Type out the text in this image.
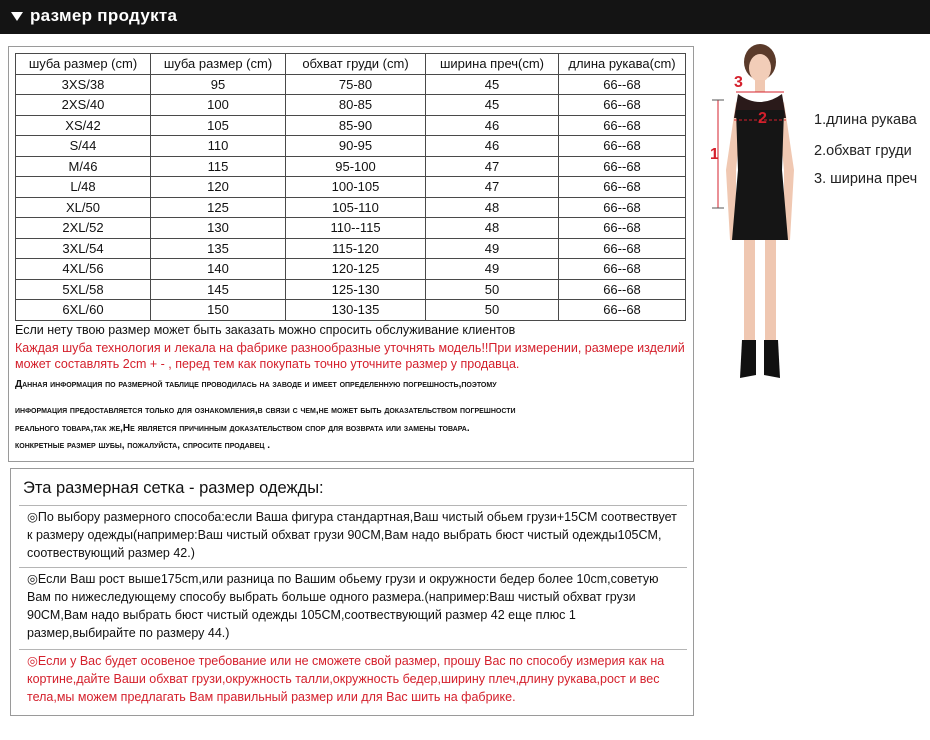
размер продукта
шуба размер (cm)	шуба размер (cm)	обхват груди (cm)	ширина преч(cm)	длина рукава(cm)
3XS/38	95	75-80	45	66--68
2XS/40	100	80-85	45	66--68
XS/42	105	85-90	46	66--68
S/44	110	90-95	46	66--68
M/46	115	95-100	47	66--68
L/48	120	100-105	47	66--68
XL/50	125	105-110	48	66--68
2XL/52	130	110--115	48	66--68
3XL/54	135	115-120	49	66--68
4XL/56	140	120-125	49	66--68
5XL/58	145	125-130	50	66--68
6XL/60	150	130-135	50	66--68
Если нету твою размер может быть заказать можно спросить обслуживание клиентов
Каждая шуба технология и лекала на фабрике разнообразные уточнять модель!!При измерении, размере изделий может составлять 2cm + - , перед тем как покупать точно уточните размер у продавца.
Данная информация по размерной таблице проводилась на заводе и имеет определенную погрешность,поэтому
информация предоставляется только для ознакомления,в связи с чем,не может быть доказательством погрешности
реального товара,так же,Не является причинным доказательством спор для возврата или замены товара.
конкретные размер шубы, пожалуйста, спросите продавец .
3
2
1
1.длина рукава
2.обхват груди
3. ширина преч
Эта размерная сетка - размер одежды:
◎По выбору размерного способа:если Ваша фигура стандартная,Ваш чистый обьем грузи+15CM соотвествует к размеру одежды(например:Ваш чистый обхват грузи 90CM,Вам надо выбрать бюст чистый одежды105CM, соотвествующий размер 42.)
◎Если Ваш рост выше175cm,или разница по Вашим обьему грузи и окружности бедер более 10cm,советую Вам по нижеследующему способу выбрать больше одного размера.(например:Ваш чистый обхват грузи 90CM,Вам надо выбрать бюст чистый одежды 105CM,соотвествующий размер 42 еще плюс 1 размер,выбирайте по размеру 44.)
◎Если у Вас будет осовеное требование или не сможете свой размер, прошу Вас по способу измерия как на кортине,дайте Ваши обхват грузи,окружность талли,окружность бедер,ширину плеч,длину рукава,рост и вес тела,мы можем предлагать Вам правильный размер или для Вас шить на фабрике.
